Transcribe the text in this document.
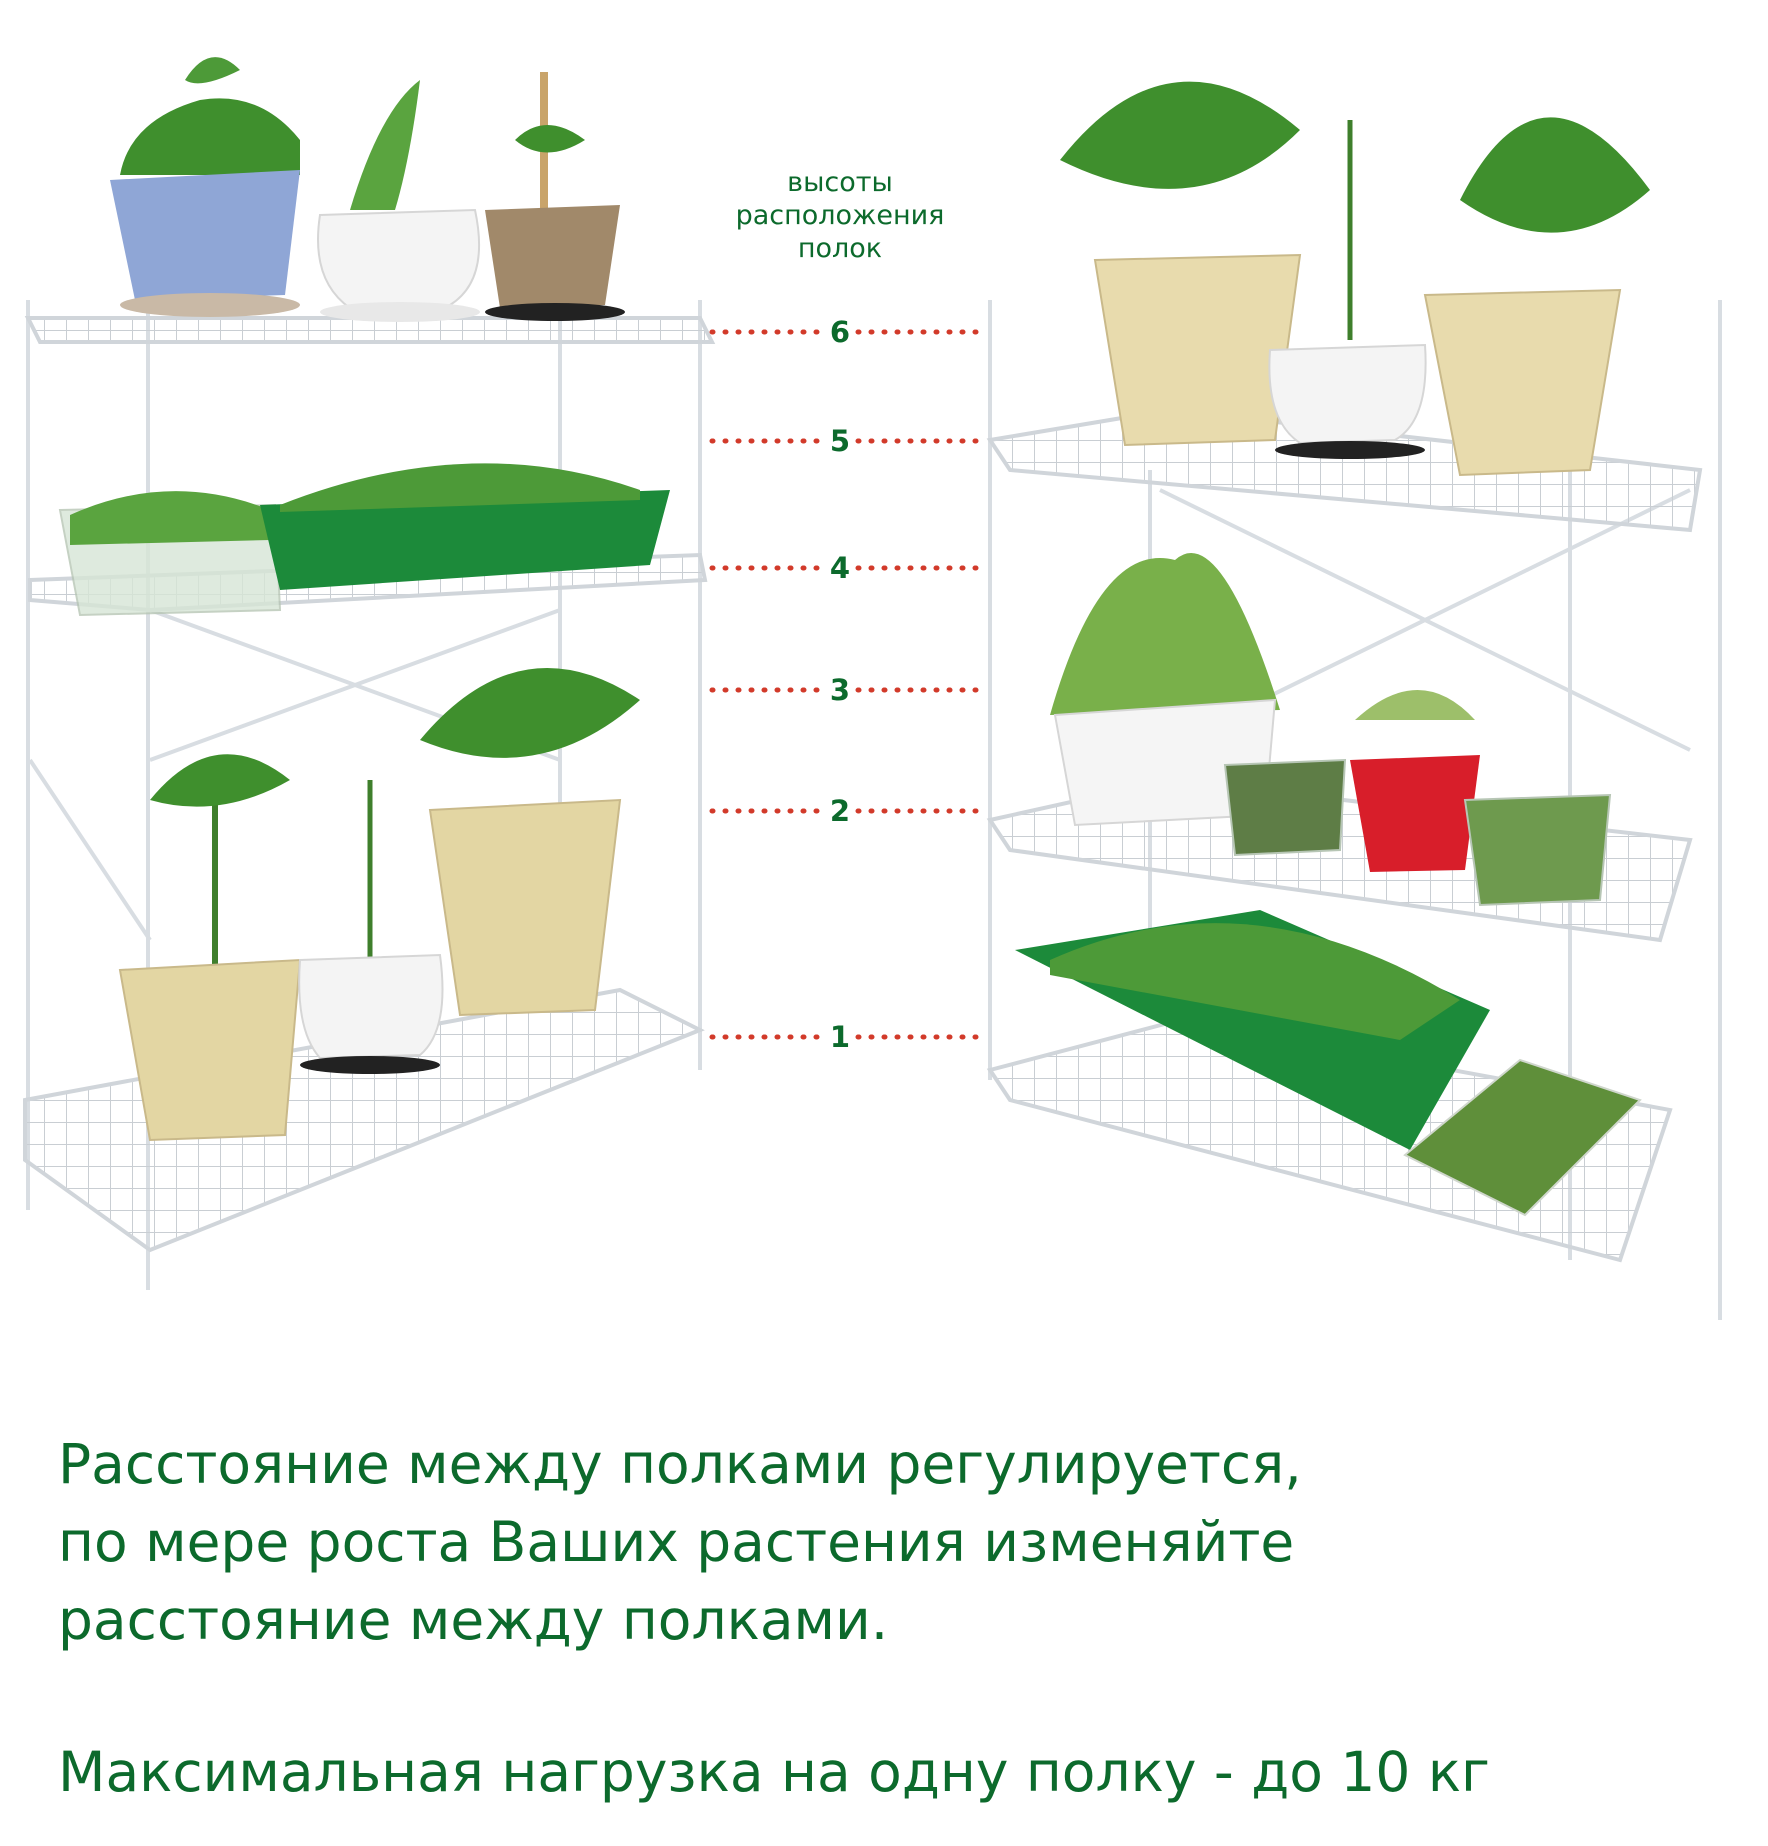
высоты
расположения
полок
6
5
4
3
2
1
Расстояние между полками регулируется,
по мере роста Ваших растения изменяйте
расстояние между полками.
Максимальная нагрузка на одну полку - до 10 кг
